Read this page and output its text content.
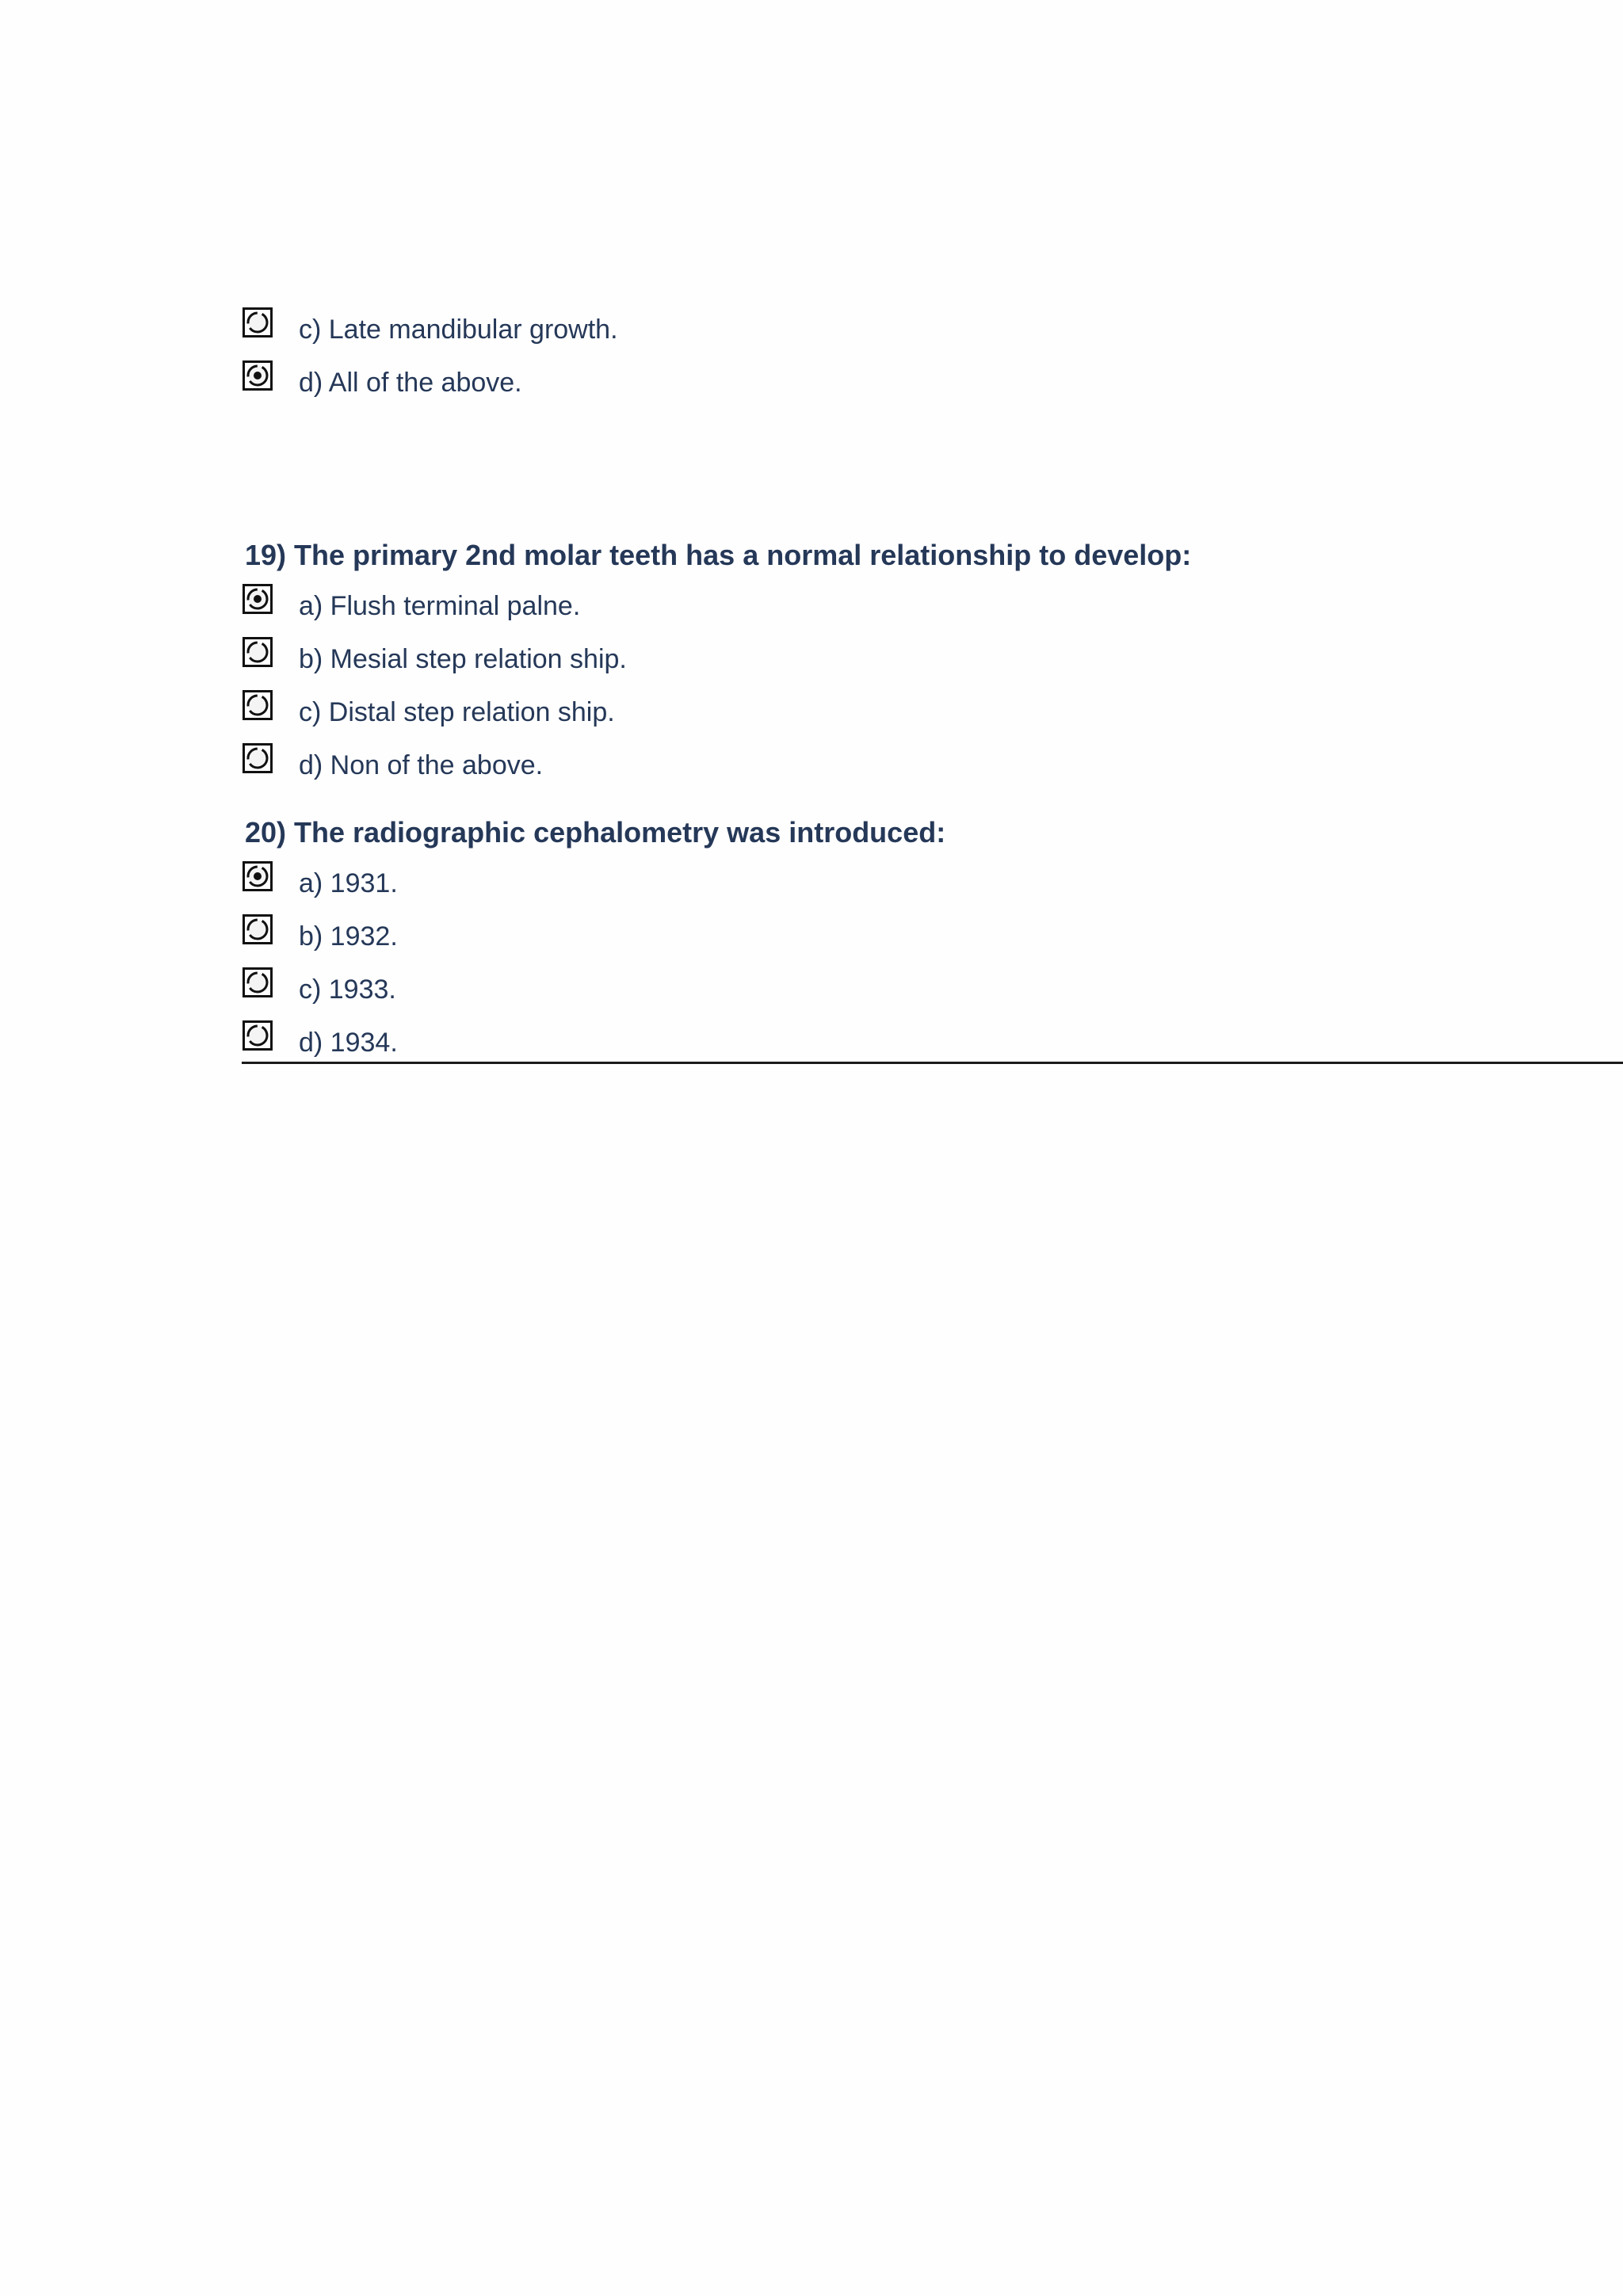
c) Late mandibular growth.
d) All of the above.
19) The primary 2nd molar teeth has a normal relationship to develop:
a) Flush terminal palne.
b) Mesial step relation ship.
c) Distal step relation ship.
d) Non of the above.
20) The radiographic cephalometry was introduced:
a) 1931.
b) 1932.
c) 1933.
d) 1934.
